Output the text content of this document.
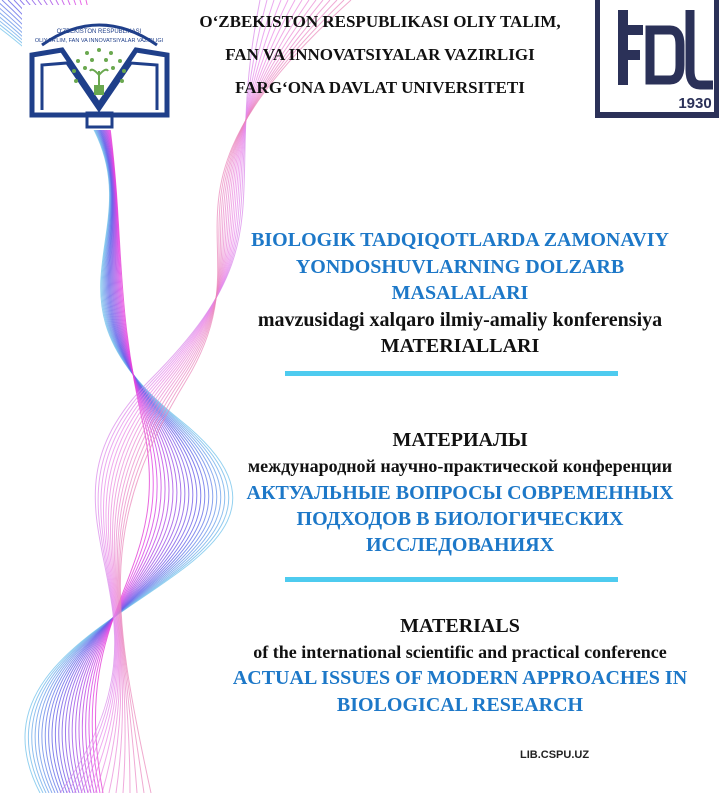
O'ZBEKISTON RESPUBLIKASI
OLIY TA'LIM, FAN VA INNOVATSIYALAR VAZIRLIGI
1930
O‘ZBEKISTON RESPUBLIKASI OLIY TALIM,
FAN VA INNOVATSIYALAR VAZIRLIGI
FARG‘ONA DAVLAT UNIVERSITETI
BIOLOGIK TADQIQOTLARDA ZAMONAVIY
YONDOSHUVLARNING DOLZARB
MASALALARI
mavzusidagi xalqaro ilmiy-amaliy konferensiya
MATERIALLARI
МАТЕРИАЛЫ
международной научно-практической конференции
АКТУАЛЬНЫЕ ВОПРОСЫ СОВРЕМЕННЫХ
ПОДХОДОВ В БИОЛОГИЧЕСКИХ
ИССЛЕДОВАНИЯХ
MATERIALS
of the international scientific and practical conference
ACTUAL ISSUES OF MODERN APPROACHES IN
BIOLOGICAL RESEARCH
LIB.CSPU.UZ
